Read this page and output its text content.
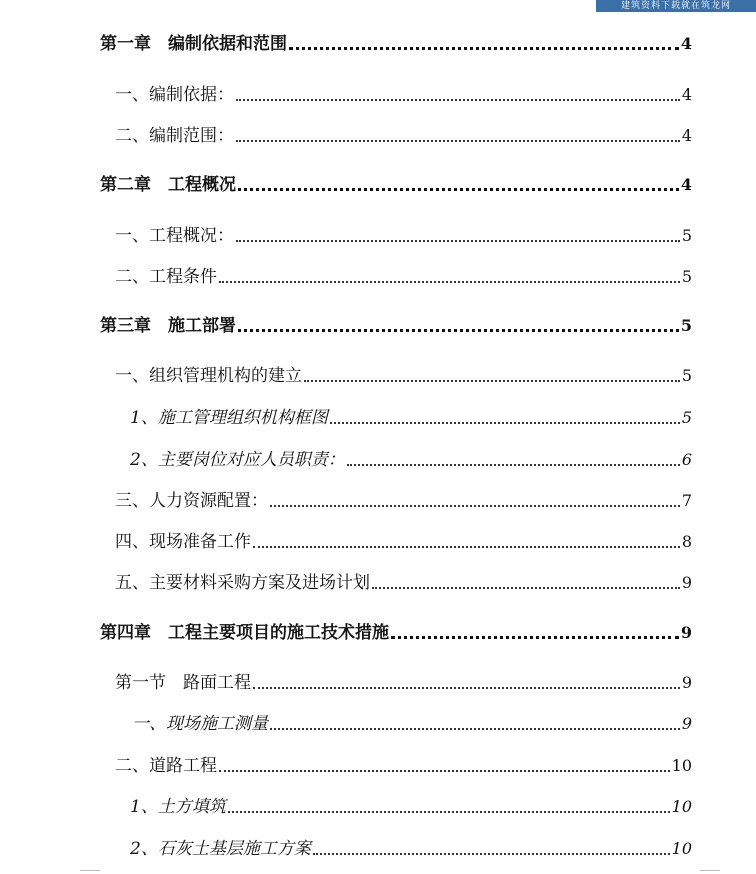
建筑资料下载就在筑龙网
第一章　编制依据和范围	4
一、编制依据：	4
二、编制范围：	4
第二章　工程概况	4
一、工程概况：	5
二、工程条件	5
第三章　施工部署	5
一、组织管理机构的建立	5
1、施工管理组织机构框图	5
2、主要岗位对应人员职责：	6
三、人力资源配置：	7
四、现场准备工作	8
五、主要材料采购方案及进场计划	9
第四章　工程主要项目的施工技术措施	9
第一节　路面工程	9
一、现场施工测量	9
二、道路工程	10
1、土方填筑	10
2、石灰土基层施工方案	10
